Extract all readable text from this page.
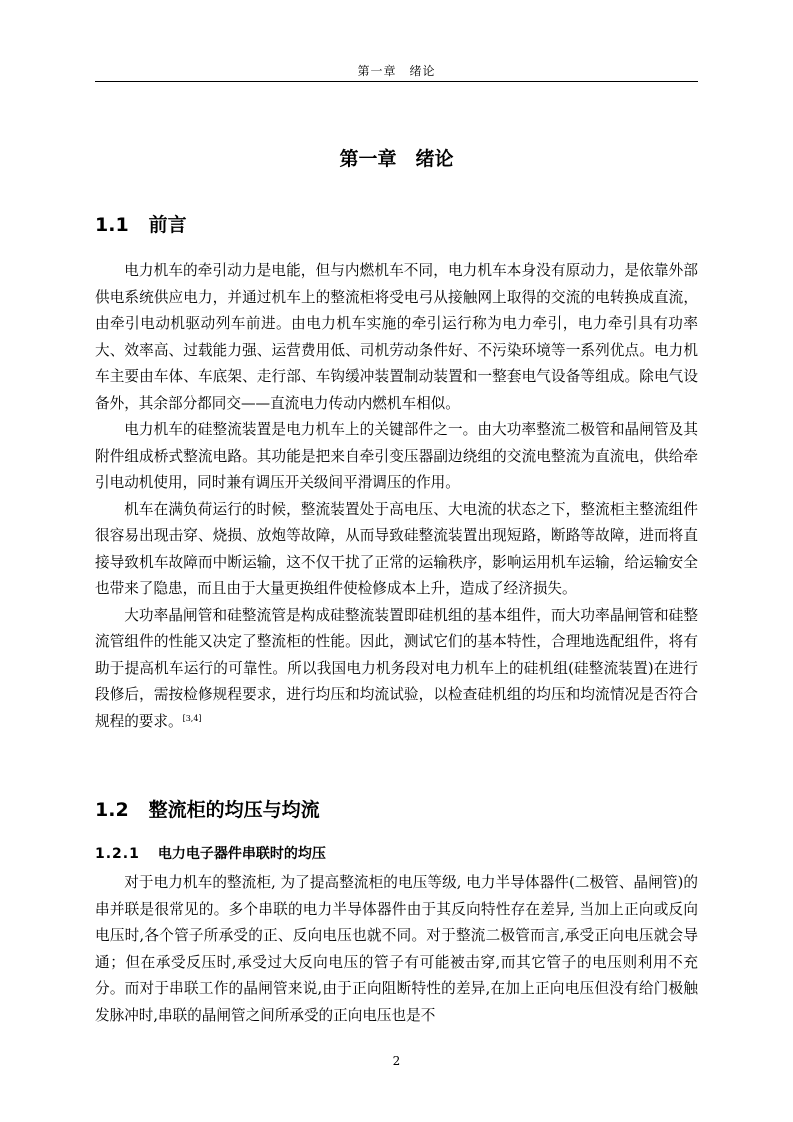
第一章　绪论
第一章　绪论
1.1 前言

电力机车的牵引动力是电能，但与内燃机车不同，电力机车本身没有原动力，是依靠外部供电系统供应电力，并通过机车上的整流柜将受电弓从接触网上取得的交流的电转换成直流，由牵引电动机驱动列车前进。由电力机车实施的牵引运行称为电力牵引，电力牵引具有功率大、效率高、过载能力强、运营费用低、司机劳动条件好、不污染环境等一系列优点。电力机车主要由车体、车底架、走行部、车钩缓冲装置制动装置和一整套电气设备等组成。除电气设备外，其余部分都同交——直流电力传动内燃机车相似。

电力机车的硅整流装置是电力机车上的关键部件之一。由大功率整流二极管和晶闸管及其附件组成桥式整流电路。其功能是把来自牵引变压器副边绕组的交流电整流为直流电，供给牵引电动机使用，同时兼有调压开关级间平滑调压的作用。

机车在满负荷运行的时候，整流装置处于高电压、大电流的状态之下，整流柜主整流组件很容易出现击穿、烧损、放炮等故障，从而导致硅整流装置出现短路，断路等故障，进而将直接导致机车故障而中断运输，这不仅干扰了正常的运输秩序，影响运用机车运输，给运输安全也带来了隐患，而且由于大量更换组件使检修成本上升，造成了经济损失。

大功率晶闸管和硅整流管是构成硅整流装置即硅机组的基本组件，而大功率晶闸管和硅整流管组件的性能又决定了整流柜的性能。因此，测试它们的基本特性，合理地选配组件，将有助于提高机车运行的可靠性。所以我国电力机务段对电力机车上的硅机组(硅整流装置)在进行段修后，需按检修规程要求，进行均压和均流试验，以检查硅机组的均压和均流情况是否符合规程的要求。[3,4]

1.2 整流柜的均压与均流
1.2.1 电力电子器件串联时的均压

对于电力机车的整流柜, 为了提高整流柜的电压等级, 电力半导体器件(二极管、晶闸管)的串并联是很常见的。多个串联的电力半导体器件由于其反向特性存在差异, 当加上正向或反向电压时,各个管子所承受的正、反向电压也就不同。对于整流二极管而言,承受正向电压就会导通；但在承受反压时,承受过大反向电压的管子有可能被击穿,而其它管子的电压则利用不充分。而对于串联工作的晶闸管来说,由于正向阻断特性的差异,在加上正向电压但没有给门极触发脉冲时,串联的晶闸管之间所承受的正向电压也是不

2
